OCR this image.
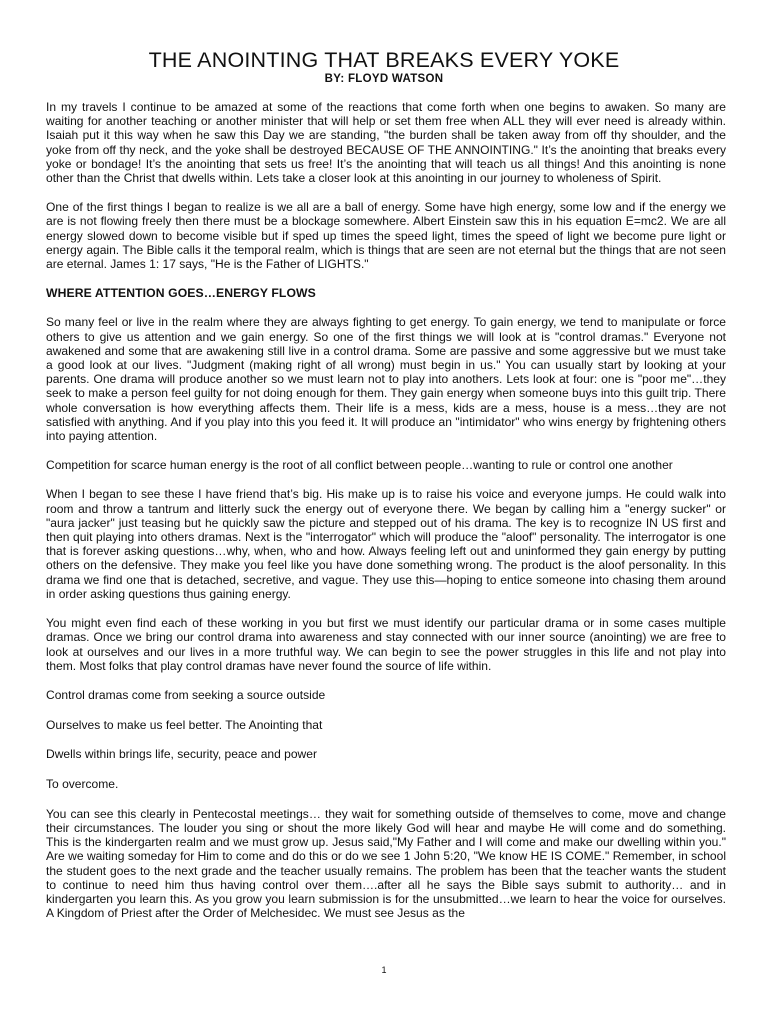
THE ANOINTING THAT BREAKS EVERY YOKE
BY: FLOYD WATSON

In my travels I continue to be amazed at some of the reactions that come forth when one begins to awaken. So many are waiting for another teaching or another minister that will help or set them free when ALL they will ever need is already within. Isaiah put it this way when he saw this Day we are standing, "the burden shall be taken away from off thy shoulder, and the yoke from off thy neck, and the yoke shall be destroyed BECAUSE OF THE ANNOINTING." It’s the anointing that breaks every yoke or bondage! It’s the anointing that sets us free! It’s the anointing that will teach us all things! And this anointing is none other than the Christ that dwells within. Lets take a closer look at this anointing in our journey to wholeness of Spirit.

One of the first things I began to realize is we all are a ball of energy. Some have high energy, some low and if the energy we are is not flowing freely then there must be a blockage somewhere. Albert Einstein saw this in his equation E=mc2. We are all energy slowed down to become visible but if sped up times the speed light, times the speed of light we become pure light or energy again. The Bible calls it the temporal realm, which is things that are seen are not eternal but the things that are not seen are eternal. James 1: 17 says, "He is the Father of LIGHTS."

WHERE ATTENTION GOES…ENERGY FLOWS

So many feel or live in the realm where they are always fighting to get energy. To gain energy, we tend to manipulate or force others to give us attention and we gain energy. So one of the first things we will look at is "control dramas." Everyone not awakened and some that are awakening still live in a control drama. Some are passive and some aggressive but we must take a good look at our lives. "Judgment (making right of all wrong) must begin in us." You can usually start by looking at your parents. One drama will produce another so we must learn not to play into anothers. Lets look at four: one is "poor me"…they seek to make a person feel guilty for not doing enough for them. They gain energy when someone buys into this guilt trip. There whole conversation is how everything affects them. Their life is a mess, kids are a mess, house is a mess…they are not satisfied with anything. And if you play into this you feed it. It will produce an "intimidator" who wins energy by frightening others into paying attention.

Competition for scarce human energy is the root of all conflict between people…wanting to rule or control one another

When I began to see these I have friend that’s big. His make up is to raise his voice and everyone jumps. He could walk into room and throw a tantrum and litterly suck the energy out of everyone there. We began by calling him a "energy sucker" or "aura jacker" just teasing but he quickly saw the picture and stepped out of his drama. The key is to recognize IN US first and then quit playing into others dramas. Next is the "interrogator" which will produce the "aloof" personality. The interrogator is one that is forever asking questions…why, when, who and how. Always feeling left out and uninformed they gain energy by putting others on the defensive. They make you feel like you have done something wrong. The product is the aloof personality. In this drama we find one that is detached, secretive, and vague. They use this—hoping to entice someone into chasing them around in order asking questions thus gaining energy.

You might even find each of these working in you but first we must identify our particular drama or in some cases multiple dramas. Once we bring our control drama into awareness and stay connected with our inner source (anointing) we are free to look at ourselves and our lives in a more truthful way. We can begin to see the power struggles in this life and not play into them. Most folks that play control dramas have never found the source of life within.

Control dramas come from seeking a source outside

Ourselves to make us feel better. The Anointing that

Dwells within brings life, security, peace and power

To overcome.

You can see this clearly in Pentecostal meetings… they wait for something outside of themselves to come, move and change their circumstances. The louder you sing or shout the more likely God will hear and maybe He will come and do something. This is the kindergarten realm and we must grow up. Jesus said,"My Father and I will come and make our dwelling within you." Are we waiting someday for Him to come and do this or do we see 1 John 5:20, "We know HE IS COME." Remember, in school the student goes to the next grade and the teacher usually remains. The problem has been that the teacher wants the student to continue to need him thus having control over them….after all he says the Bible says submit to authority… and in kindergarten you learn this. As you grow you learn submission is for the unsubmitted…we learn to hear the voice for ourselves. A Kingdom of Priest after the Order of Melchesidec. We must see Jesus as the

1
